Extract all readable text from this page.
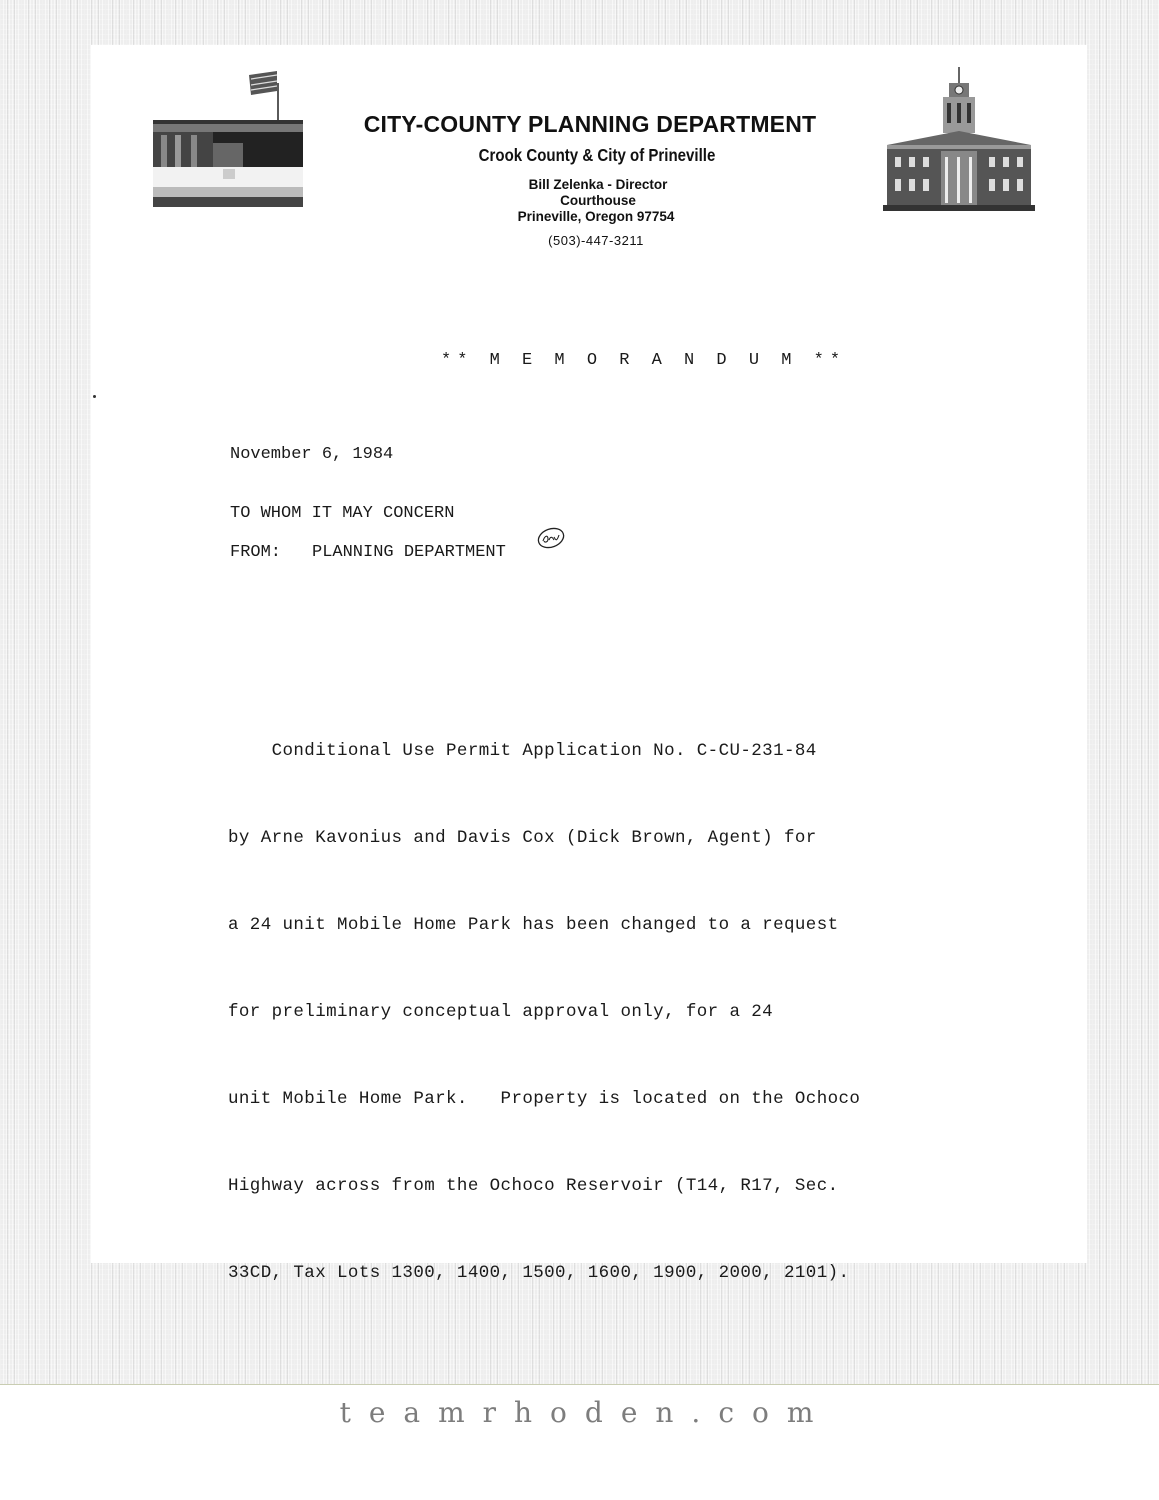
CITY-COUNTY PLANNING DEPARTMENT
Crook County & City of Prineville
Bill Zelenka - Director
Courthouse
Prineville, Oregon 97754
(503)-447-3211
** M E M O R A N D U M **
November 6, 1984
TO WHOM IT MAY CONCERN
FROM: PLANNING DEPARTMENT

Conditional Use Permit Application No. C-CU-231-84

by Arne Kavonius and Davis Cox (Dick Brown, Agent) for

a 24 unit Mobile Home Park has been changed to a request

for preliminary conceptual approval only, for a 24

unit Mobile Home Park.   Property is located on the Ochoco

Highway across from the Ochoco Reservoir (T14, R17, Sec.

33CD, Tax Lots 1300, 1400, 1500, 1600, 1900, 2000, 2101).

teamrhoden.com
